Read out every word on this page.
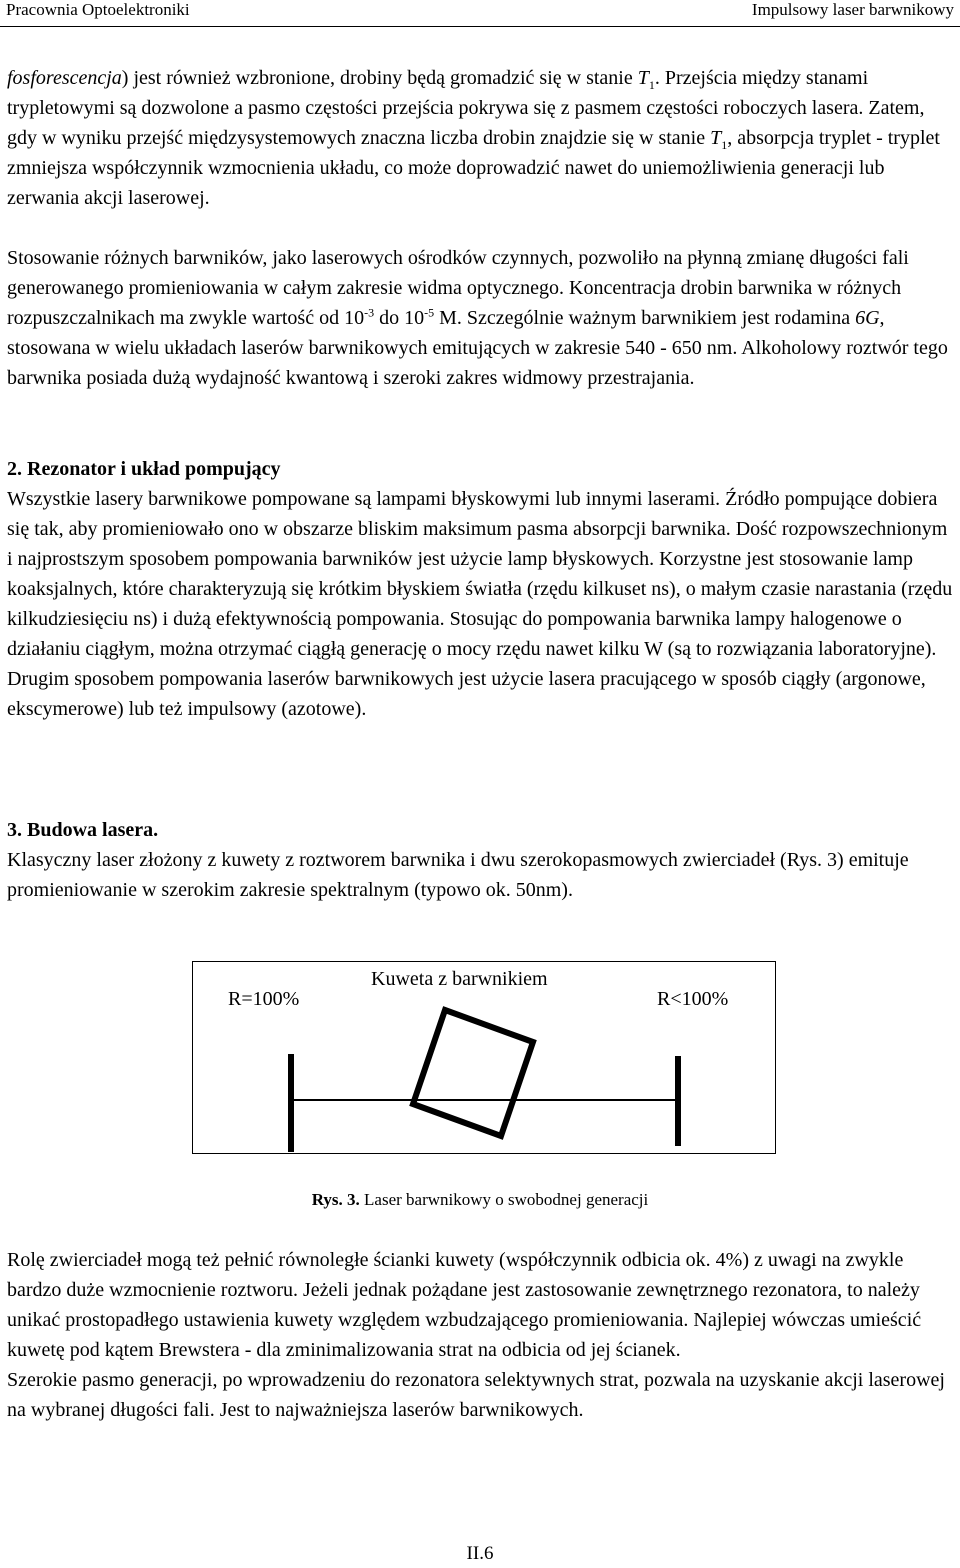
Pracownia Optoelektroniki	Impulsowy laser barwnikowy

fosforescencja) jest również wzbronione, drobiny będą gromadzić się w stanie $T_1$. Przejścia między stanami trypletowymi są dozwolone a pasmo częstości przejścia pokrywa się z pasmem częstości roboczych lasera. Zatem, gdy w wyniku przejść międzysystemowych znaczna liczba drobin znajdzie się w stanie $T_1$, absorpcja tryplet - tryplet zmniejsza współczynnik wzmocnienia układu, co może doprowadzić nawet do uniemożliwienia generacji lub zerwania akcji laserowej.

Stosowanie różnych barwników, jako laserowych ośrodków czynnych, pozwoliło na płynną zmianę długości fali generowanego promieniowania w całym zakresie widma optycznego. Koncentracja drobin barwnika w różnych rozpuszczalnikach ma zwykle wartość od $10^{-3}$ do $10^{-5}$ M. Szczególnie ważnym barwnikiem jest rodamina 6G, stosowana w wielu układach laserów barwnikowych emitujących w zakresie 540 - 650 nm. Alkoholowy roztwór tego barwnika posiada dużą wydajność kwantową i szeroki zakres widmowy przestrajania.

2. Rezonator i układ pompujący
Wszystkie lasery barwnikowe pompowane są lampami błyskowymi lub innymi laserami. Źródło pompujące dobiera się tak, aby promieniowało ono w obszarze bliskim maksimum pasma absorpcji barwnika. Dość rozpowszechnionym i najprostszym sposobem pompowania barwników jest użycie lamp błyskowych. Korzystne jest stosowanie lamp koaksjalnych, które charakteryzują się krótkim błyskiem światła (rzędu kilkuset ns), o małym czasie narastania (rzędu kilkudziesięciu ns) i dużą efektywnością pompowania. Stosując do pompowania barwnika lampy halogenowe o działaniu ciągłym, można otrzymać ciągłą generację o mocy rzędu nawet kilku W (są to rozwiązania laboratoryjne). Drugim sposobem pompowania laserów barwnikowych jest użycie lasera pracującego w sposób ciągły (argonowe, ekscymerowe) lub też impulsowy (azotowe).
3. Budowa lasera.
Klasyczny laser złożony z kuwety z roztworem barwnika i dwu szerokopasmowych zwierciadeł (Rys. 3) emituje promieniowanie w szerokim zakresie spektralnym (typowo ok. 50nm).
R=100%
Kuweta z barwnikiem
R<100%
Rys. 3. Laser barwnikowy o swobodnej generacji
Rolę zwierciadeł mogą też pełnić równoległe ścianki kuwety (współczynnik odbicia ok. 4%) z uwagi na zwykle bardzo duże wzmocnienie roztworu. Jeżeli jednak pożądane jest zastosowanie zewnętrznego rezonatora, to należy unikać prostopadłego ustawienia kuwety względem wzbudzającego promieniowania. Najlepiej wówczas umieścić kuwetę pod kątem Brewstera - dla zminimalizowania strat na odbicia od jej ścianek.
Szerokie pasmo generacji, po wprowadzeniu do rezonatora selektywnych strat, pozwala na uzyskanie akcji laserowej na wybranej długości fali. Jest to najważniejsza laserów barwnikowych.
II.6
